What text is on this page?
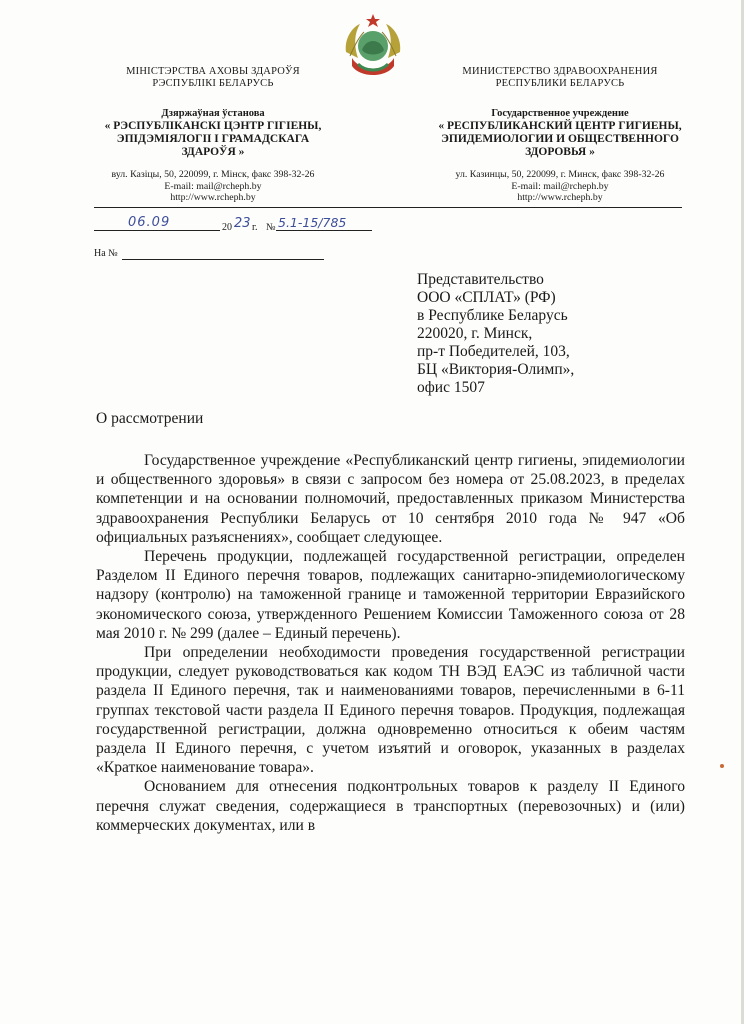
МІНІСТЭРСТВА АХОВЫ ЗДАРОЎЯ
РЭСПУБЛІКІ БЕЛАРУСЬ
Дзяржаўная ўстанова
« РЭСПУБЛІКАНСКІ ЦЭНТР ГІГІЕНЫ,
ЭПІДЭМІЯЛОГІІ І ГРАМАДСКАГА
ЗДАРОЎЯ »
вул. Казіцы, 50, 220099, г. Мінск, факс 398-32-26
E-mail: mail@rcheph.by
http://www.rcheph.by
МИНИСТЕРСТВО ЗДРАВООХРАНЕНИЯ
РЕСПУБЛИКИ БЕЛАРУСЬ
Государственное учреждение
« РЕСПУБЛИКАНСКИЙ ЦЕНТР ГИГИЕНЫ,
ЭПИДЕМИОЛОГИИ И ОБЩЕСТВЕННОГО
ЗДОРОВЬЯ »
ул. Казинцы, 50, 220099, г. Минск, факс 398-32-26
E-mail: mail@rcheph.by
http://www.rcheph.by
06.09	20 23 г. № 5.1-15/785
На №
Представительство
ООО «СПЛАТ» (РФ)
в Республике Беларусь
220020, г. Минск,
пр-т Победителей, 103,
БЦ «Виктория-Олимп»,
офис 1507
О рассмотрении

Государственное учреждение «Республиканский центр гигиены, эпидемиологии и общественного здоровья» в связи с запросом без номера от 25.08.2023, в пределах компетенции и на основании полномочий, предоставленных приказом Министерства здравоохранения Республики Беларусь от 10 сентября 2010 года № 947 «Об официальных разъяснениях», сообщает следующее.

Перечень продукции, подлежащей государственной регистрации, определен Разделом II Единого перечня товаров, подлежащих санитарно-эпидемиологическому надзору (контролю) на таможенной границе и таможенной территории Евразийского экономического союза, утвержденного Решением Комиссии Таможенного союза от 28 мая 2010 г. № 299 (далее – Единый перечень).

При определении необходимости проведения государственной регистрации продукции, следует руководствоваться как кодом ТН ВЭД ЕАЭС из табличной части раздела II Единого перечня, так и наименованиями товаров, перечисленными в 6-11 группах текстовой части раздела II Единого перечня товаров. Продукция, подлежащая государственной регистрации, должна одновременно относиться к обеим частям раздела II Единого перечня, с учетом изъятий и оговорок, указанных в разделах «Краткое наименование товара».

Основанием для отнесения подконтрольных товаров к разделу II Единого перечня служат сведения, содержащиеся в транспортных (перевозочных) и (или) коммерческих документах, или в
